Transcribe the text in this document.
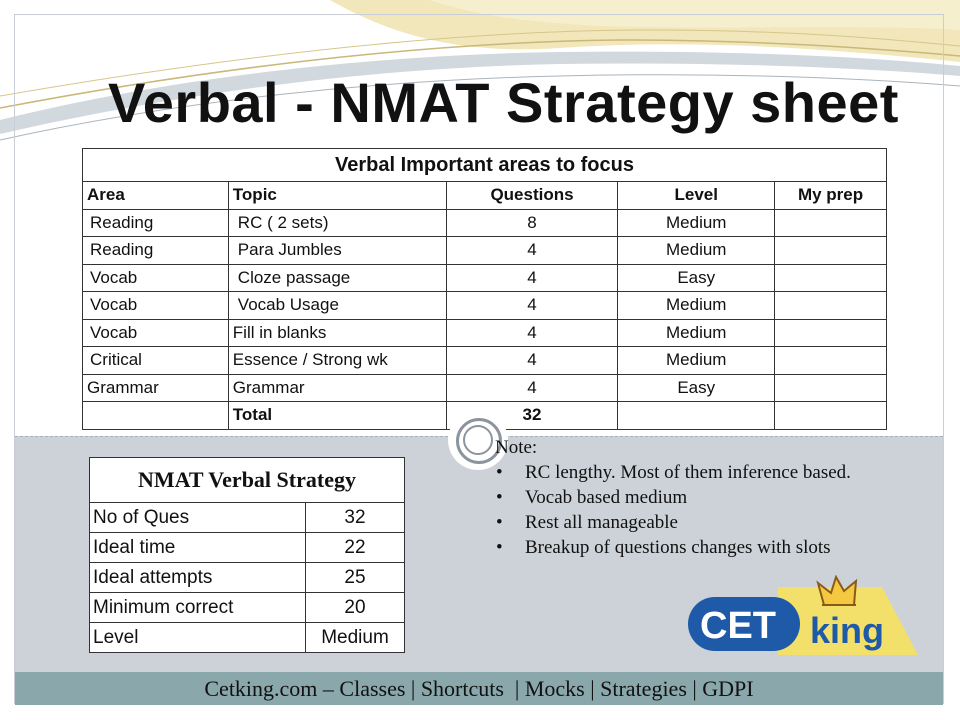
Verbal - NMAT Strategy sheet
Verbal Important areas to focus				
Area	Topic	Questions	Level	My prep
Reading	RC ( 2 sets)	8	Medium	
Reading	Para Jumbles	4	Medium	
Vocab	Cloze passage	4	Easy	
Vocab	Vocab Usage	4	Medium	
Vocab	Fill in blanks	4	Medium	
Critical	Essence / Strong wk	4	Medium	
Grammar	Grammar	4	Easy	
	Total	32		
NMAT Verbal Strategy	
No of Ques	32
Ideal time	22
Ideal attempts	25
Minimum correct	20
Level	Medium
Note:
• RC lengthy. Most of them inference based.
• Vocab based medium
• Rest all manageable
• Breakup of questions changes with slots
CET king
Cetking.com – Classes | Shortcuts  | Mocks | Strategies | GDPI
